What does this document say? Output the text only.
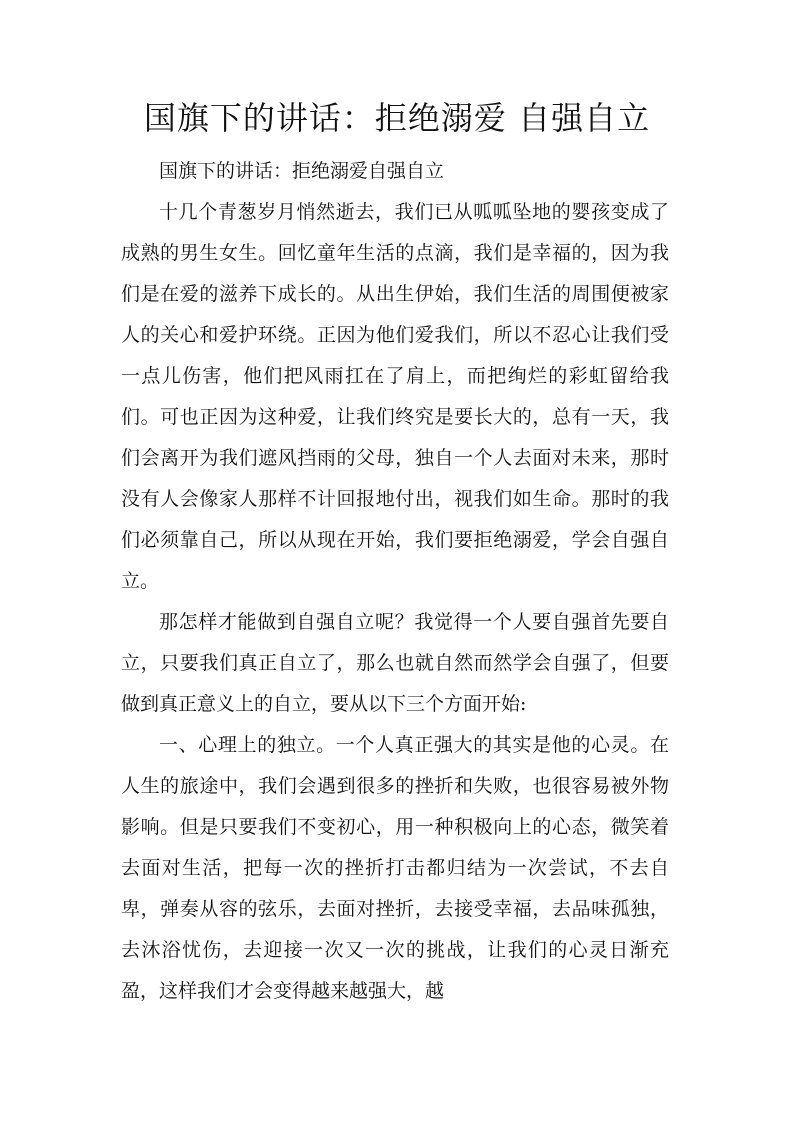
国旗下的讲话：拒绝溺爱 自强自立

国旗下的讲话：拒绝溺爱自强自立

十几个青葱岁月悄然逝去，我们已从呱呱坠地的婴孩变成了成熟的男生女生。回忆童年生活的点滴，我们是幸福的，因为我们是在爱的滋养下成长的。从出生伊始，我们生活的周围便被家人的关心和爱护环绕。正因为他们爱我们，所以不忍心让我们受一点儿伤害，他们把风雨扛在了肩上，而把绚烂的彩虹留给我们。可也正因为这种爱，让我们终究是要长大的，总有一天，我们会离开为我们遮风挡雨的父母，独自一个人去面对未来，那时没有人会像家人那样不计回报地付出，视我们如生命。那时的我们必须靠自己，所以从现在开始，我们要拒绝溺爱，学会自强自立。

那怎样才能做到自强自立呢？我觉得一个人要自强首先要自立，只要我们真正自立了，那么也就自然而然学会自强了，但要做到真正意义上的自立，要从以下三个方面开始:

一、心理上的独立。一个人真正强大的其实是他的心灵。在人生的旅途中，我们会遇到很多的挫折和失败，也很容易被外物影响。但是只要我们不变初心，用一种积极向上的心态，微笑着去面对生活，把每一次的挫折打击都归结为一次尝试，不去自卑，弹奏从容的弦乐，去面对挫折，去接受幸福，去品味孤独，去沐浴忧伤，去迎接一次又一次的挑战，让我们的心灵日渐充盈，这样我们才会变得越来越强大，越
